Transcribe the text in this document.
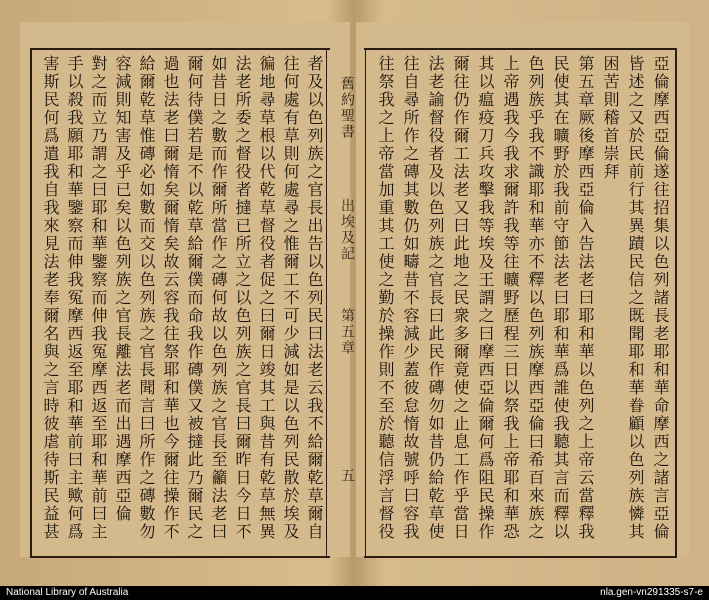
舊約聖書
出埃及記
第五章
五	亞倫摩西亞倫遂往招集以色列諸長老耶和華命摩西之諸言亞倫
皆述之又於民前行其異蹟民信之既聞耶和華眷顧以色列族憐其
困苦則稽首崇拜
第五章厥後摩西亞倫入告法老曰耶和華以色列之上帝云當釋我
民使其在曠野於我前守節法老曰耶和華爲誰使我聽其言而釋以
色列族乎我不識耶和華亦不釋以色列族摩西亞倫曰希百來族之
上帝遇我今我求爾許我等往曠野歷程三日以祭我上帝耶和華恐
其以瘟疫刀兵攻擊我等埃及王謂之曰摩西亞倫爾何爲阻民操作
爾往仍作爾工法老又曰此地之民衆多爾竟使之止息工作乎當日
法老諭督役者及以色列族之官長曰此民作磚勿如昔仍給乾草使
往自尋所作之磚其數仍如疇昔不容減少蓋彼怠惰故號呼曰容我
往祭我之上帝當加重其工使之勤於操作則不至於聽信浮言督役
者及以色列族之官長出告以色列民曰法老云我不給爾乾草爾自
往何處有草則何處尋之惟爾工不可少減如是以色列民散於埃及
徧地尋草根以代乾草督役者促之曰爾日竣其工與昔有乾草無異
法老所委之督役者撻已所立之以色列族之官長曰爾昨日今日不
如昔日之數而作爾所當作之磚何故以色列族之官長至籲法老曰
爾何待僕若是不以乾草給爾僕而命我作磚僕又被撻此乃爾民之
過也法老曰爾惰矣爾惰矣故云容我往祭耶和華也今爾往操作不
給爾乾草惟磚必如數而交以色列族之官長聞言曰所作之磚數勿
容減則知害及乎已矣以色列族之官長離法老而出遇摩西亞倫
對之而立乃謂之曰耶和華鑒察而伸我冤摩西返至耶和華前曰主
手以殺我願耶和華鑒察而伸我冤摩西返至耶和華前曰主歟何爲
害斯民何爲遣我自我來見法老奉爾名與之言時彼虐待斯民益甚
National Library of Australia	nla.gen-vn291335-s7-e
